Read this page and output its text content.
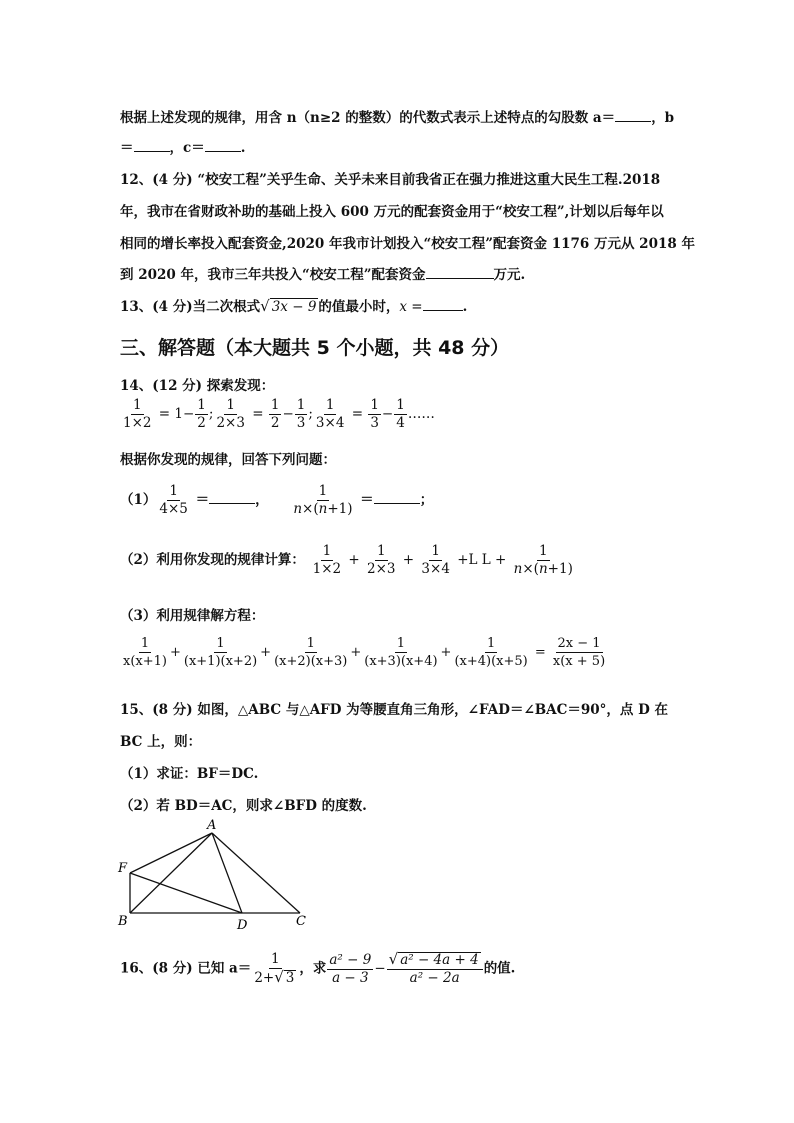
根据上述发现的规律，用含 n（n≥2 的整数）的代数式表示上述特点的勾股数 a＝	，b
＝	，c＝	.
12、(4 分) “校安工程”关乎生命、关乎未来目前我省正在强力推进这重大民生工程.2018
年，我市在省财政补助的基础上投入 600 万元的配套资金用于“校安工程”,计划以后每年以
相同的增长率投入配套资金,2020 年我市计划投入“校安工程”配套资金 1176 万元从 2018 年
到 2020 年，我市三年共投入“校安工程”配套资金	万元.
13、(4 分)当二次根式√ 3x − 9 的值最小时，x =	.
三、解答题（本大题共 5 个小题，共 48 分）
14、(12 分) 探索发现：
$\frac{1}{1\times 2} = 1- \frac{1}{2}$ ; $\frac{1}{2\times 3} = \frac{1}{2} - \frac{1}{3}$ ; $\frac{1}{3\times 4} = \frac{1}{3} - \frac{1}{4}$ ……
根据你发现的规律，回答下列问题：
$(1) \frac{1}{4\times 5}$ ＝	， $\frac{1}{n\times(n+1)}$ ＝	；
（2）利用你发现的规律计算： $\frac{1}{1\times 2} + \frac{1}{2\times 3} + \frac{1}{3\times 4} +L$ $L + \frac{1}{n\times(n+1)}$
（3）利用规律解方程：
$\frac{1}{x(x+1)} + \frac{1}{(x+1)(x+2)} + \frac{1}{(x+2)(x+3)} + \frac{1}{(x+3)(x+4)} + \frac{1}{(x+4)(x+5)} = \frac{2x - 1}{x(x + 5)}$
15、(8 分) 如图，△ABC 与△AFD 为等腰直角三角形，∠FAD＝∠BAC＝90°，点 D 在
BC 上，则：
（1）求证：BF＝DC.
（2）若 BD＝AC，则求∠BFD 的度数.
A
F
B	D	C
16、(8 分) 已知 $a= \frac{1}{2+√ 3}$ ，求 $\frac{\text{a² − 9}}{a - 3} - \frac{\text{√ a² − 4a + 4}}{\text{a² − 2a}}$ 的值.
